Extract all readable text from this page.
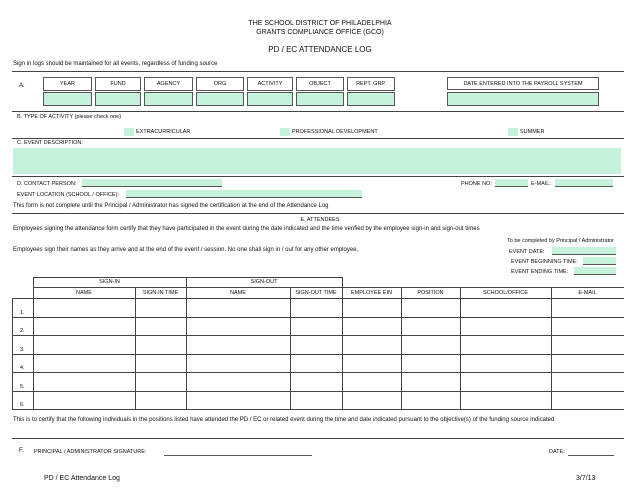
THE SCHOOL DISTRICT OF PHILADELPHIA
GRANTS COMPLIANCE OFFICE (GCO)
PD / EC ATTENDANCE LOG
Sign in logs should be maintained for all events, regardless of funding source
A.	YEAR	FUND	AGENCY	ORG	ACTIVITY	OBJECT	REPT. GRP.	DATE ENTERED INTO THE PAYROLL SYSTEM
B. TYPE OF ACTIVITY (please check one)
EXTRACURRICULAR	PROFESSIONAL DEVELOPMENT	SUMMER
C. EVENT DESCRIPTION:
D. CONTACT PERSON:	PHONE NO:	E-MAIL:
EVENT LOCATION (SCHOOL / OFFICE):
This form is not complete until the Principal / Administrator has signed the certification at the end of the Attendance Log
E. ATTENDEES
Employees signing the attendance form certify that they have participated in the event during the date indicated and the time verified by the employee sign-in and sign-out times
To be completed by Principal / Administrator
Employees sign their names as they arrive and at the end of the event / session. No one shall sign in / out for any other employee.	EVENT DATE:
EVENT BEGINNING TIME:
EVENT ENDING TIME:
SIGN-IN	SIGN-OUT
NAME	SIGN-IN TIME	NAME	SIGN-OUT TIME	EMPLOYEE EIN	POSITION	SCHOOL/OFFICE	E-MAIL
1.
2.
3.
4.
5.
6.
This is to certify that the following individuals in the positions listed have attended the PD / EC or related event during the time and date indicated pursuant to the objective(s) of the funding source indicated
F. PRINCIPAL / ADMINISTRATOR SIGNATURE:	DATE:
PD / EC Attendance Log	3/7/13
